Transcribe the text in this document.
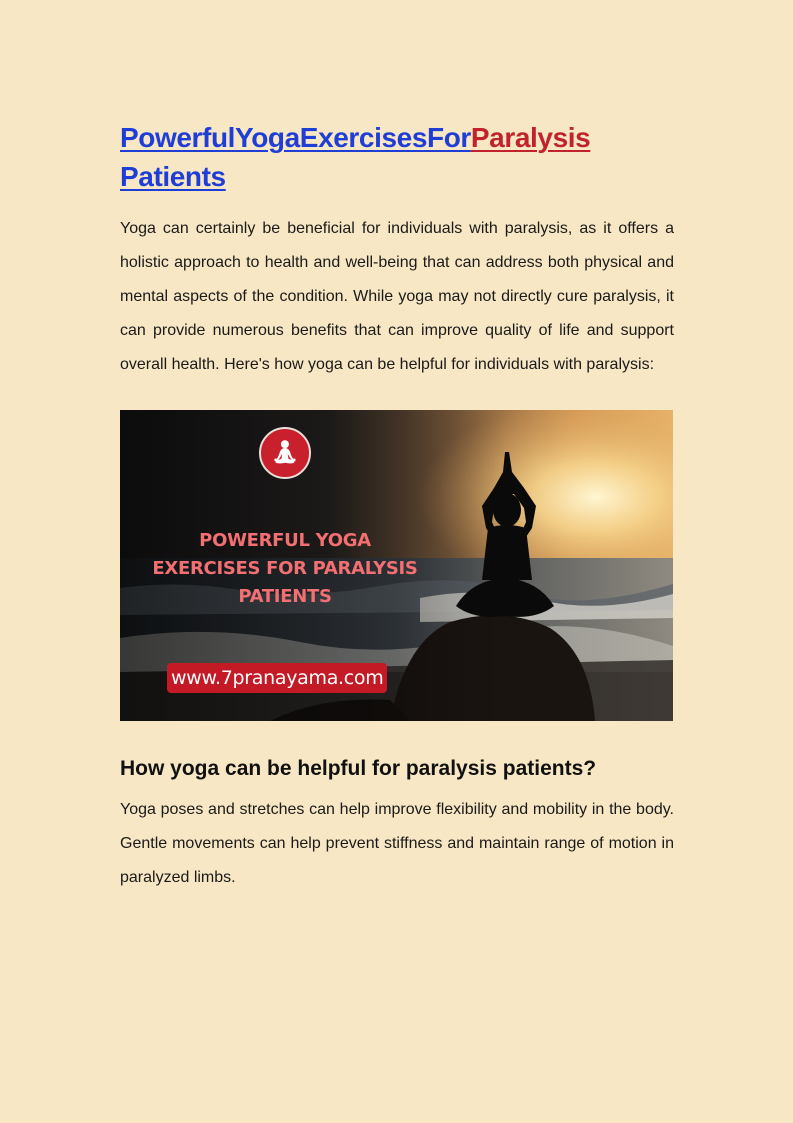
PowerfulYogaExercisesForParalysis
Patients

Yoga can certainly be beneficial for individuals with paralysis, as it offers a holistic approach to health and well-being that can address both physical and mental aspects of the condition. While yoga may not directly cure paralysis, it can provide numerous benefits that can improve quality of life and support overall health. Here's how yoga can be helpful for individuals with paralysis:

🧘︎
POWERFUL YOGA
EXERCISES FOR PARALYSIS
PATIENTS
www.7pranayama.com
How yoga can be helpful for paralysis patients?

Yoga poses and stretches can help improve flexibility and mobility in the body. Gentle movements can help prevent stiffness and maintain range of motion in paralyzed limbs.
